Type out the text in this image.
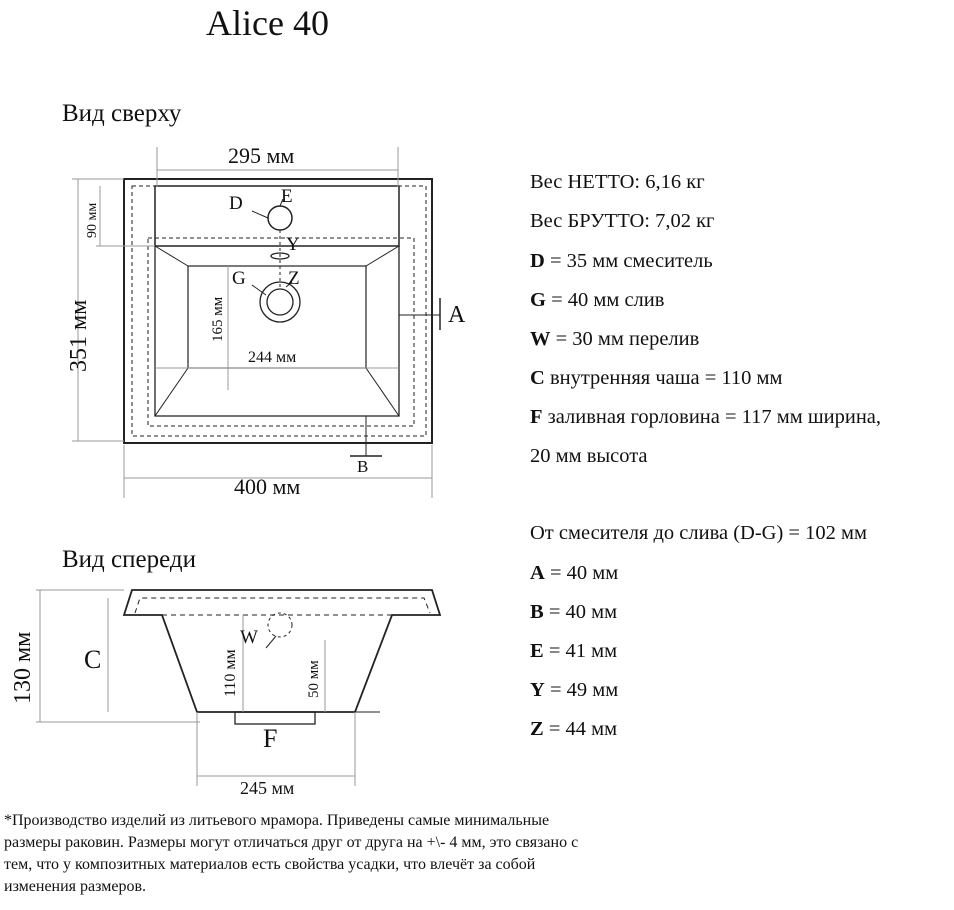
Alice 40
Вид сверху
Вид спереди
295 мм
400 мм
351 мм
90 мм
165 мм
244 мм
D E
Y
G Z
A
B
130 мм C	110 мм	50 мм
W
F
245 мм
Вес НЕТТО: 6,16 кг
Вес БРУТТО: 7,02 кг
D = 35 мм смеситель
G = 40 мм слив
W = 30 мм перелив
C внутренняя чаша = 110 мм
F заливная горловина = 117 мм ширина,
20 мм высота
От смесителя до слива (D-G) = 102 мм
A = 40 мм
B = 40 мм
E = 41 мм
Y = 49 мм
Z = 44 мм
*Производство изделий из литьевого мрамора. Приведены самые минимальные размеры раковин. Размеры могут отличаться друг от друга на +\- 4 мм, это связано с тем, что у композитных материалов есть свойства усадки, что влечёт за собой изменения размеров.
